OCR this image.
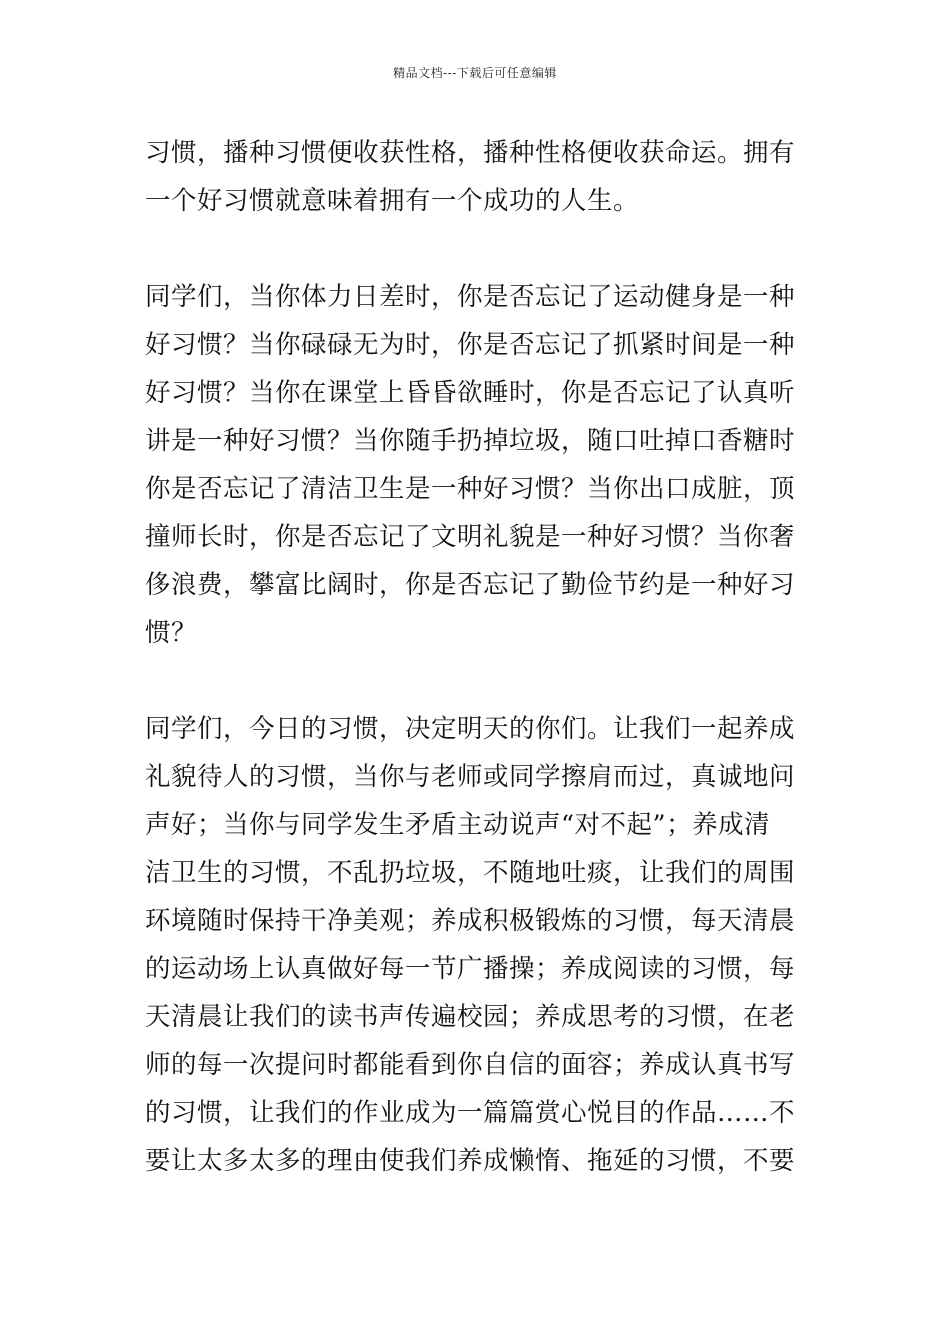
精品文档---下载后可任意编辑
习惯，播种习惯便收获性格，播种性格便收获命运。拥有
一个好习惯就意味着拥有一个成功的人生。
同学们，当你体力日差时，你是否忘记了运动健身是一种
好习惯？当你碌碌无为时，你是否忘记了抓紧时间是一种
好习惯？当你在课堂上昏昏欲睡时，你是否忘记了认真听
讲是一种好习惯？当你随手扔掉垃圾，随口吐掉口香糖时
你是否忘记了清洁卫生是一种好习惯？当你出口成脏，顶
撞师长时，你是否忘记了文明礼貌是一种好习惯？当你奢
侈浪费，攀富比阔时，你是否忘记了勤俭节约是一种好习
惯？
同学们，今日的习惯，决定明天的你们。让我们一起养成
礼貌待人的习惯，当你与老师或同学擦肩而过，真诚地问
声好；当你与同学发生矛盾主动说声“对不起”；养成清
洁卫生的习惯，不乱扔垃圾，不随地吐痰，让我们的周围
环境随时保持干净美观；养成积极锻炼的习惯，每天清晨
的运动场上认真做好每一节广播操；养成阅读的习惯，每
天清晨让我们的读书声传遍校园；养成思考的习惯，在老
师的每一次提问时都能看到你自信的面容；养成认真书写
的习惯，让我们的作业成为一篇篇赏心悦目的作品……不
要让太多太多的理由使我们养成懒惰、拖延的习惯，不要
